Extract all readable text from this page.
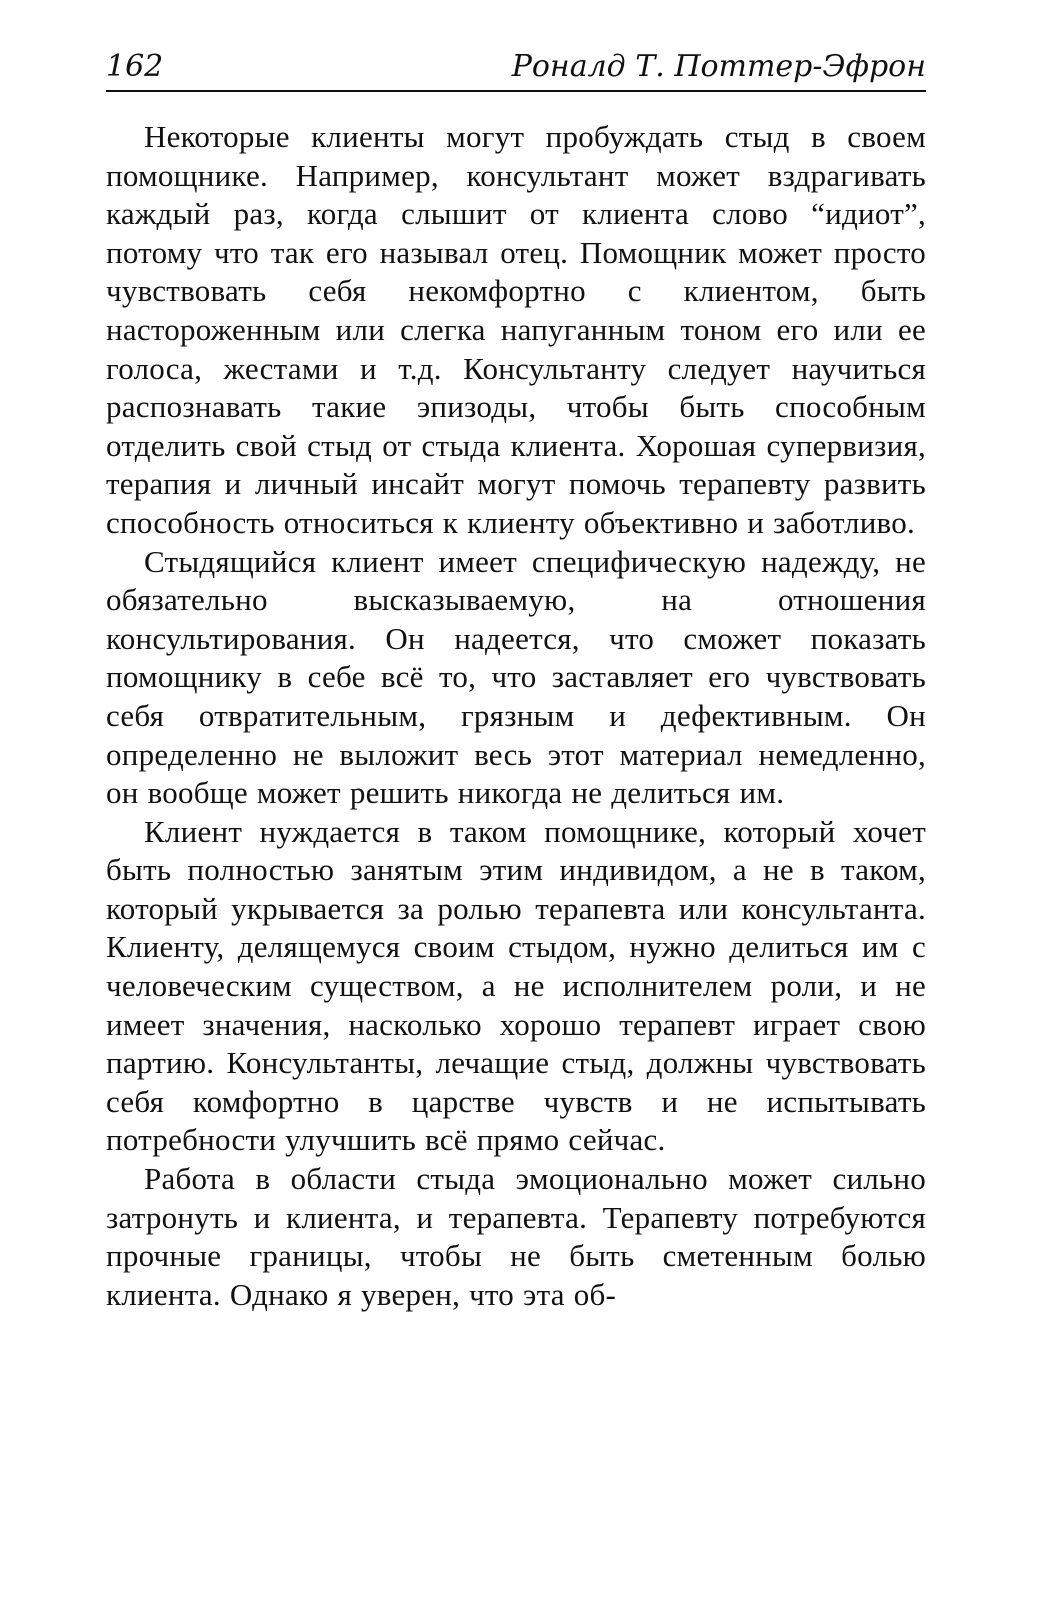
162	Роналд Т. Поттер-Эфрон

Некоторые клиенты могут пробуждать стыд в своем помощнике. Например, консультант может вздрагивать каждый раз, когда слышит от клиента слово “идиот”, потому что так его называл отец. Помощник может просто чувствовать себя некомфортно с клиентом, быть настороженным или слегка напуганным тоном его или ее голоса, жестами и т.д. Консультанту следует научиться распознавать такие эпизоды, чтобы быть способным отделить свой стыд от стыда клиента. Хорошая супервизия, терапия и личный инсайт могут помочь терапевту развить способность относиться к клиенту объективно и заботливо.

Стыдящийся клиент имеет специфическую надежду, не обязательно высказываемую, на отношения консультирования. Он надеется, что сможет показать помощнику в себе всё то, что заставляет его чувствовать себя отвратительным, грязным и дефективным. Он определенно не выложит весь этот материал немедленно, он вообще может решить никогда не делиться им.

Клиент нуждается в таком помощнике, который хочет быть полностью занятым этим индивидом, а не в таком, который укрывается за ролью терапевта или консультанта. Клиенту, делящемуся своим стыдом, нужно делиться им с человеческим существом, а не исполнителем роли, и не имеет значения, насколько хорошо терапевт играет свою партию. Консультанты, лечащие стыд, должны чувствовать себя комфортно в царстве чувств и не испытывать потребности улучшить всё прямо сейчас.

Работа в области стыда эмоционально может сильно затронуть и клиента, и терапевта. Терапевту потребуются прочные границы, чтобы не быть сметенным болью клиента. Однако я уверен, что эта об-
